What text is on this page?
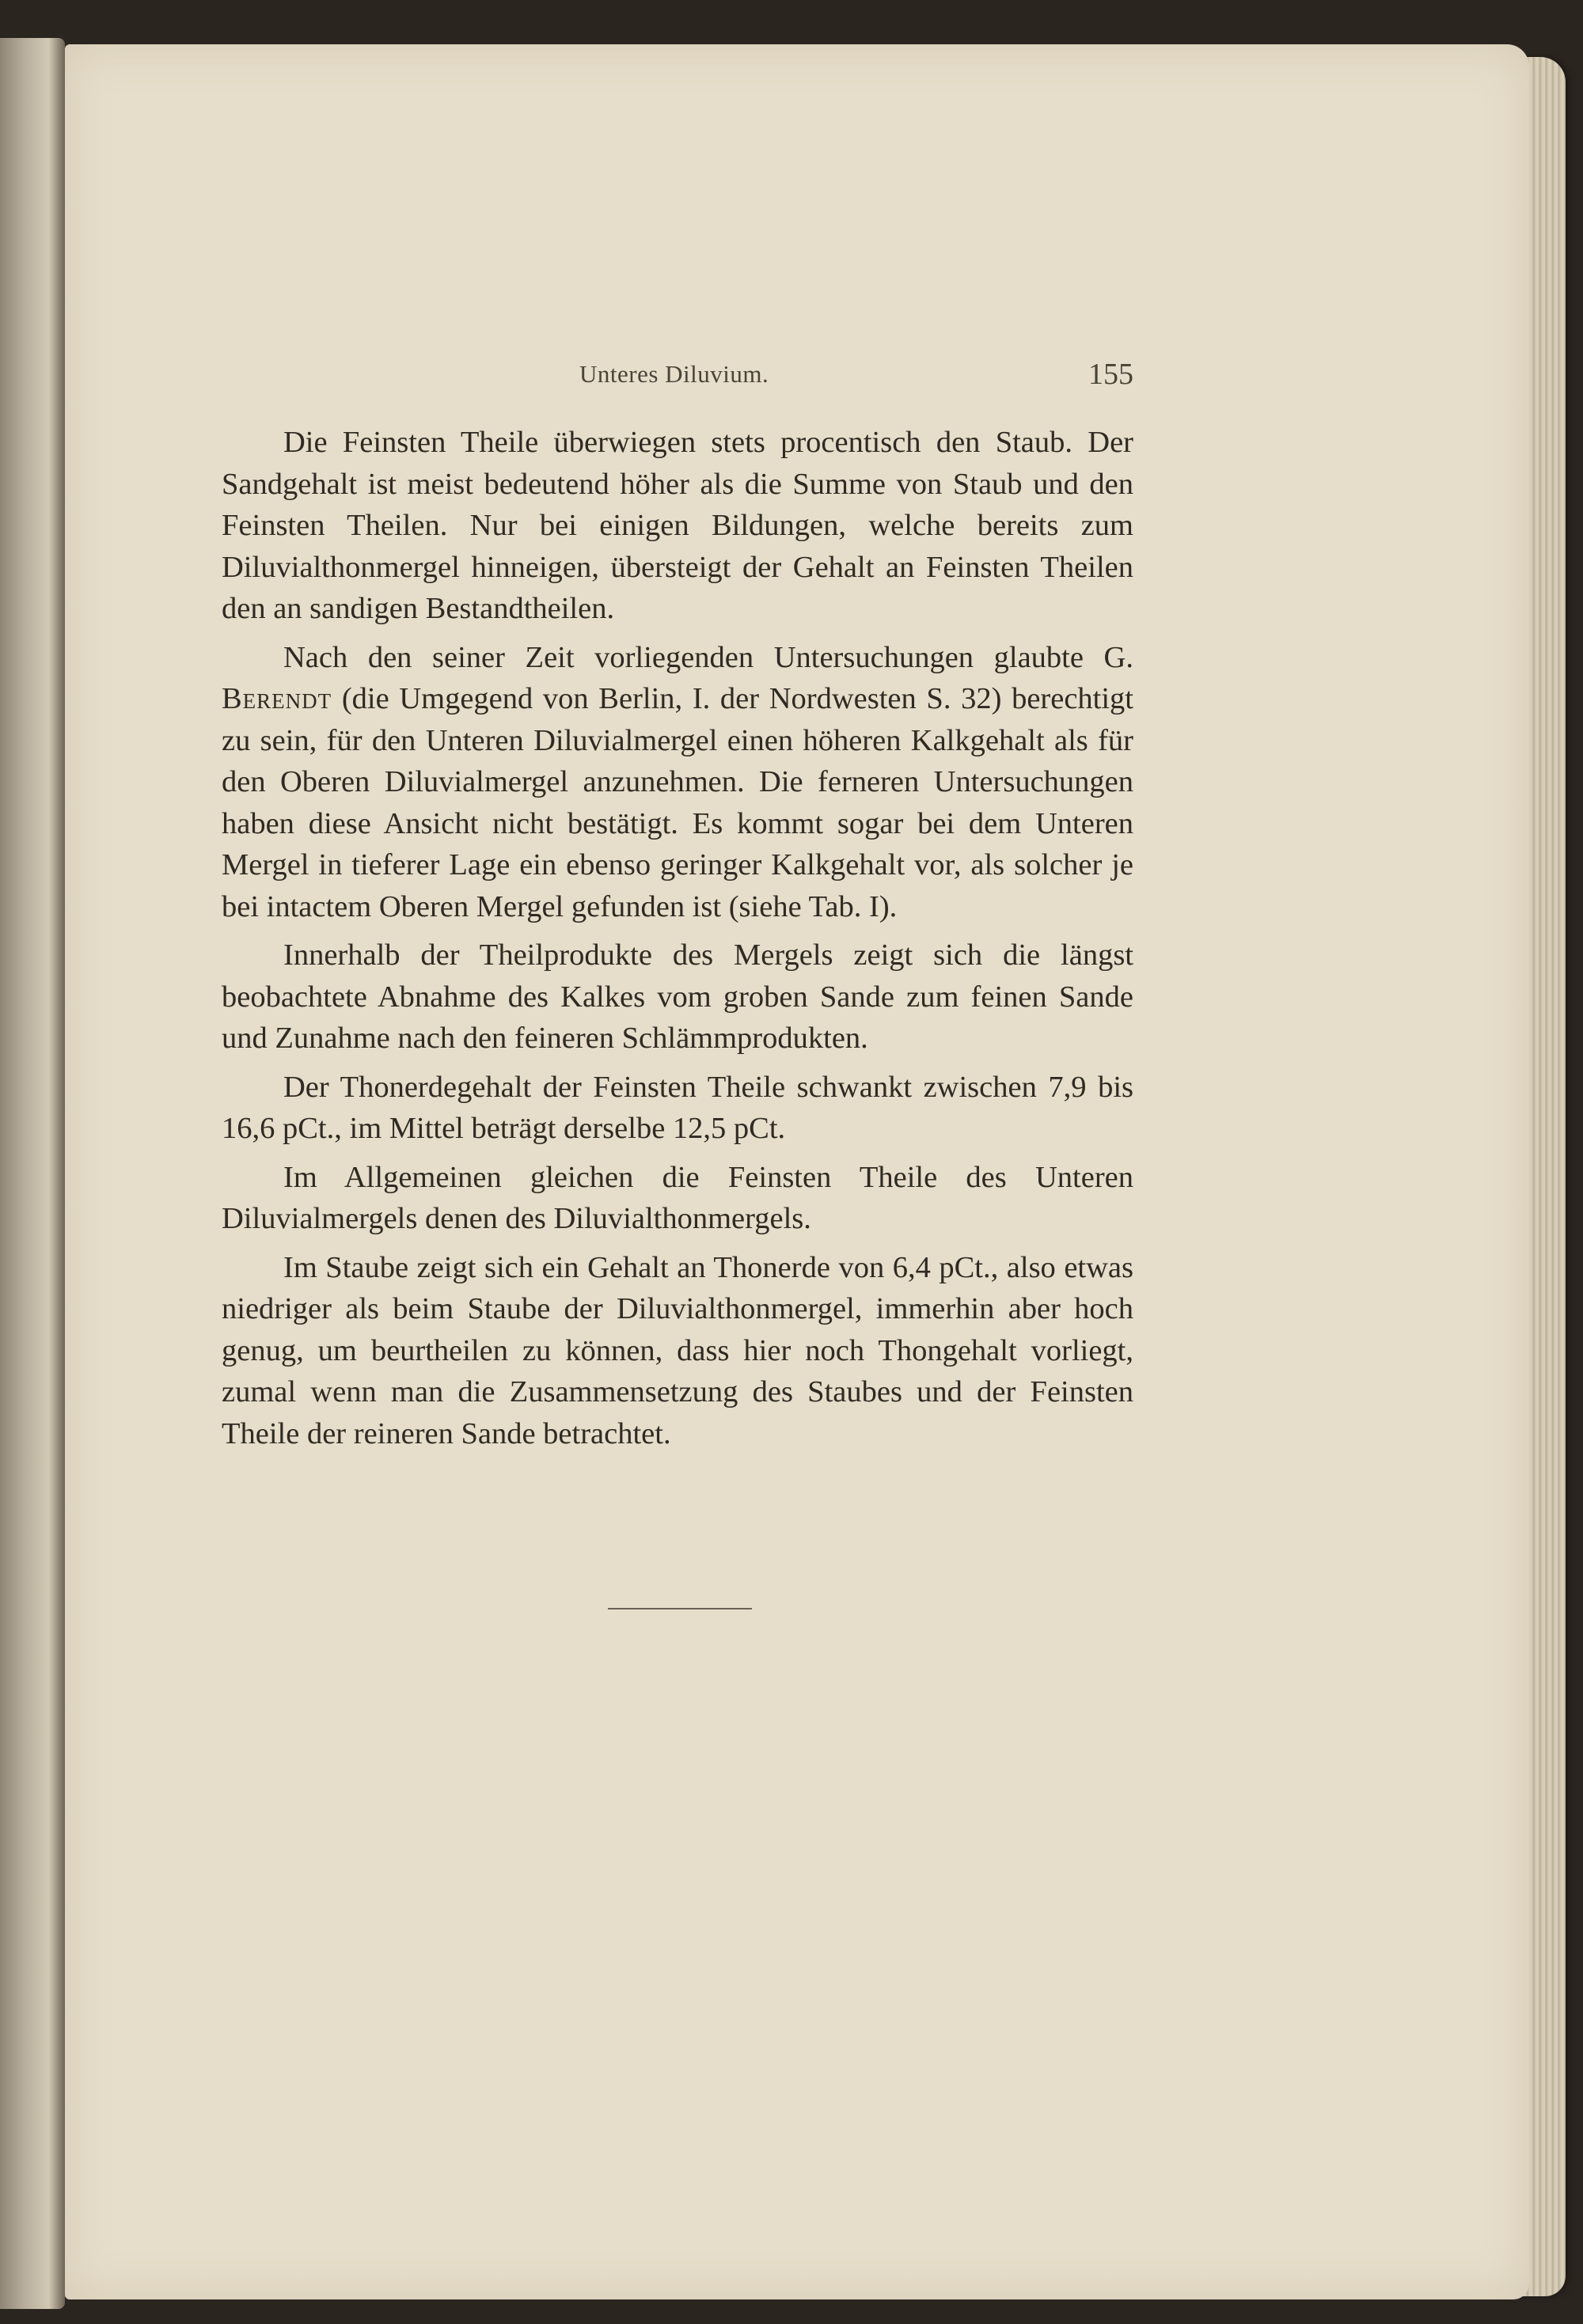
Unteres Diluvium.	155

Die Feinsten Theile überwiegen stets procentisch den Staub. Der Sandgehalt ist meist bedeutend höher als die Summe von Staub und den Feinsten Theilen. Nur bei einigen Bildungen, welche bereits zum Diluvialthonmergel hinneigen, übersteigt der Gehalt an Feinsten Theilen den an sandigen Bestandtheilen.

Nach den seiner Zeit vorliegenden Untersuchungen glaubte G. Berendt (die Umgegend von Berlin, I. der Nordwesten S. 32) berechtigt zu sein, für den Unteren Diluvialmergel einen höheren Kalkgehalt als für den Oberen Diluvialmergel anzunehmen. Die ferneren Untersuchungen haben diese Ansicht nicht bestätigt. Es kommt sogar bei dem Unteren Mergel in tieferer Lage ein ebenso geringer Kalkgehalt vor, als solcher je bei intactem Oberen Mergel gefunden ist (siehe Tab. I).

Innerhalb der Theilprodukte des Mergels zeigt sich die längst beobachtete Abnahme des Kalkes vom groben Sande zum feinen Sande und Zunahme nach den feineren Schlämmprodukten.

Der Thonerdegehalt der Feinsten Theile schwankt zwischen 7,9 bis 16,6 pCt., im Mittel beträgt derselbe 12,5 pCt.

Im Allgemeinen gleichen die Feinsten Theile des Unteren Diluvialmergels denen des Diluvialthonmergels.

Im Staube zeigt sich ein Gehalt an Thonerde von 6,4 pCt., also etwas niedriger als beim Staube der Diluvialthonmergel, immerhin aber hoch genug, um beurtheilen zu können, dass hier noch Thongehalt vorliegt, zumal wenn man die Zusammensetzung des Staubes und der Feinsten Theile der reineren Sande betrachtet.
